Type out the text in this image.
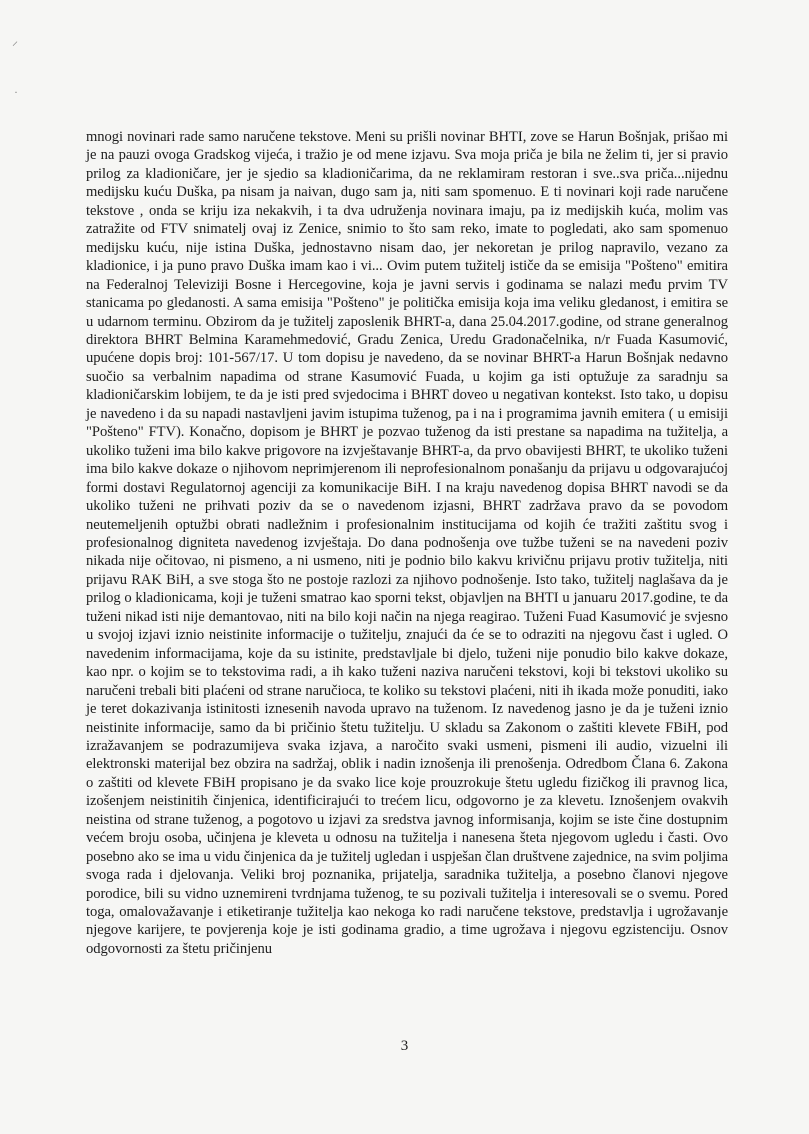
⸍
·

mnogi novinari rade samo naručene tekstove. Meni su prišli novinar BHTI, zove se Harun Bošnjak, prišao mi je na pauzi ovoga Gradskog vijeća, i tražio je od mene izjavu. Sva moja priča je bila ne želim ti, jer si pravio prilog za kladioničare, jer je sjedio sa kladioničarima, da ne reklamiram restoran i sve..sva priča...nijednu medijsku kuću Duška, pa nisam ja naivan, dugo sam ja, niti sam spomenuo. E ti novinari koji rade naručene tekstove , onda se kriju iza nekakvih, i ta dva udruženja novinara imaju, pa iz medijskih kuća, molim vas zatražite od FTV snimatelj ovaj iz Zenice, snimio to što sam reko, imate to pogledati, ako sam spomenuo medijsku kuću, nije istina Duška, jednostavno nisam dao, jer nekoretan je prilog napravilo, vezano za kladionice, i ja puno pravo Duška imam kao i vi... Ovim putem tužitelj ističe da se emisija "Pošteno" emitira na Federalnoj Televiziji Bosne i Hercegovine, koja je javni servis i godinama se nalazi među prvim TV stanicama po gledanosti. A sama emisija "Pošteno" je politička emisija koja ima veliku gledanost, i emitira se u udarnom terminu. Obzirom da je tužitelj zaposlenik BHRT-a, dana 25.04.2017.godine, od strane generalnog direktora BHRT Belmina Karamehmedović, Gradu Zenica, Uredu Gradonačelnika, n/r Fuada Kasumović, upućene dopis broj: 101-567/17. U tom dopisu je navedeno, da se novinar BHRT-a Harun Bošnjak nedavno suočio sa verbalnim napadima od strane Kasumović Fuada, u kojim ga isti optužuje za saradnju sa kladioničarskim lobijem, te da je isti pred svjedocima i BHRT doveo u negativan kontekst. Isto tako, u dopisu je navedeno i da su napadi nastavljeni javim istupima tuženog, pa i na i programima javnih emitera ( u emisiji "Pošteno" FTV). Konačno, dopisom je BHRT je pozvao tuženog da isti prestane sa napadima na tužitelja, a ukoliko tuženi ima bilo kakve prigovore na izvještavanje BHRT-a, da prvo obavijesti BHRT, te ukoliko tuženi ima bilo kakve dokaze o njihovom neprimjerenom ili neprofesionalnom ponašanju da prijavu u odgovarajućoj formi dostavi Regulatornoj agenciji za komunikacije BiH. I na kraju navedenog dopisa BHRT navodi se da ukoliko tuženi ne prihvati poziv da se o navedenom izjasni, BHRT zadržava pravo da se povodom neutemeljenih optužbi obrati nadležnim i profesionalnim institucijama od kojih će tražiti zaštitu svog i profesionalnog digniteta navedenog izvještaja. Do dana podnošenja ove tužbe tuženi se na navedeni poziv nikada nije očitovao, ni pismeno, a ni usmeno, niti je podnio bilo kakvu krivičnu prijavu protiv tužitelja, niti prijavu RAK BiH, a sve stoga što ne postoje razlozi za njihovo podnošenje. Isto tako, tužitelj naglašava da je prilog o kladionicama, koji je tuženi smatrao kao sporni tekst, objavljen na BHTI u januaru 2017.godine, te da tuženi nikad isti nije demantovao, niti na bilo koji način na njega reagirao. Tuženi Fuad Kasumović je svjesno u svojoj izjavi iznio neistinite informacije o tužitelju, znajući da će se to odraziti na njegovu čast i ugled. O navedenim informacijama, koje da su istinite, predstavljale bi djelo, tuženi nije ponudio bilo kakve dokaze, kao npr. o kojim se to tekstovima radi, a ih kako tuženi naziva naručeni tekstovi, koji bi tekstovi ukoliko su naručeni trebali biti plaćeni od strane naručioca, te koliko su tekstovi plaćeni, niti ih ikada može ponuditi, iako je teret dokazivanja istinitosti iznesenih navoda upravo na tuženom. Iz navedenog jasno je da je tuženi iznio neistinite informacije, samo da bi pričinio štetu tužitelju. U skladu sa Zakonom o zaštiti klevete FBiH, pod izražavanjem se podrazumijeva svaka izjava, a naročito svaki usmeni, pismeni ili audio, vizuelni ili elektronski materijal bez obzira na sadržaj, oblik i nadin iznošenja ili prenošenja. Odredbom Člana 6. Zakona o zaštiti od klevete FBiH propisano je da svako lice koje prouzrokuje štetu ugledu fizičkog ili pravnog lica, izošenjem neistinitih činjenica, identificirajući to trećem licu, odgovorno je za klevetu. Iznošenjem ovakvih neistina od strane tuženog, a pogotovo u izjavi za sredstva javnog informisanja, kojim se iste čine dostupnim većem broju osoba, učinjena je kleveta u odnosu na tužitelja i nanesena šteta njegovom ugledu i časti. Ovo posebno ako se ima u vidu činjenica da je tužitelj ugledan i uspješan član društvene zajednice, na svim poljima svoga rada i djelovanja. Veliki broj poznanika, prijatelja, saradnika tužitelja, a posebno članovi njegove porodice, bili su vidno uznemireni tvrdnjama tuženog, te su pozivali tužitelja i interesovali se o svemu. Pored toga, omalovažavanje i etiketiranje tužitelja kao nekoga ko radi naručene tekstove, predstavlja i ugrožavanje njegove karijere, te povjerenja koje je isti godinama gradio, a time ugrožava i njegovu egzistenciju. Osnov odgovornosti za štetu pričinjenu

3
